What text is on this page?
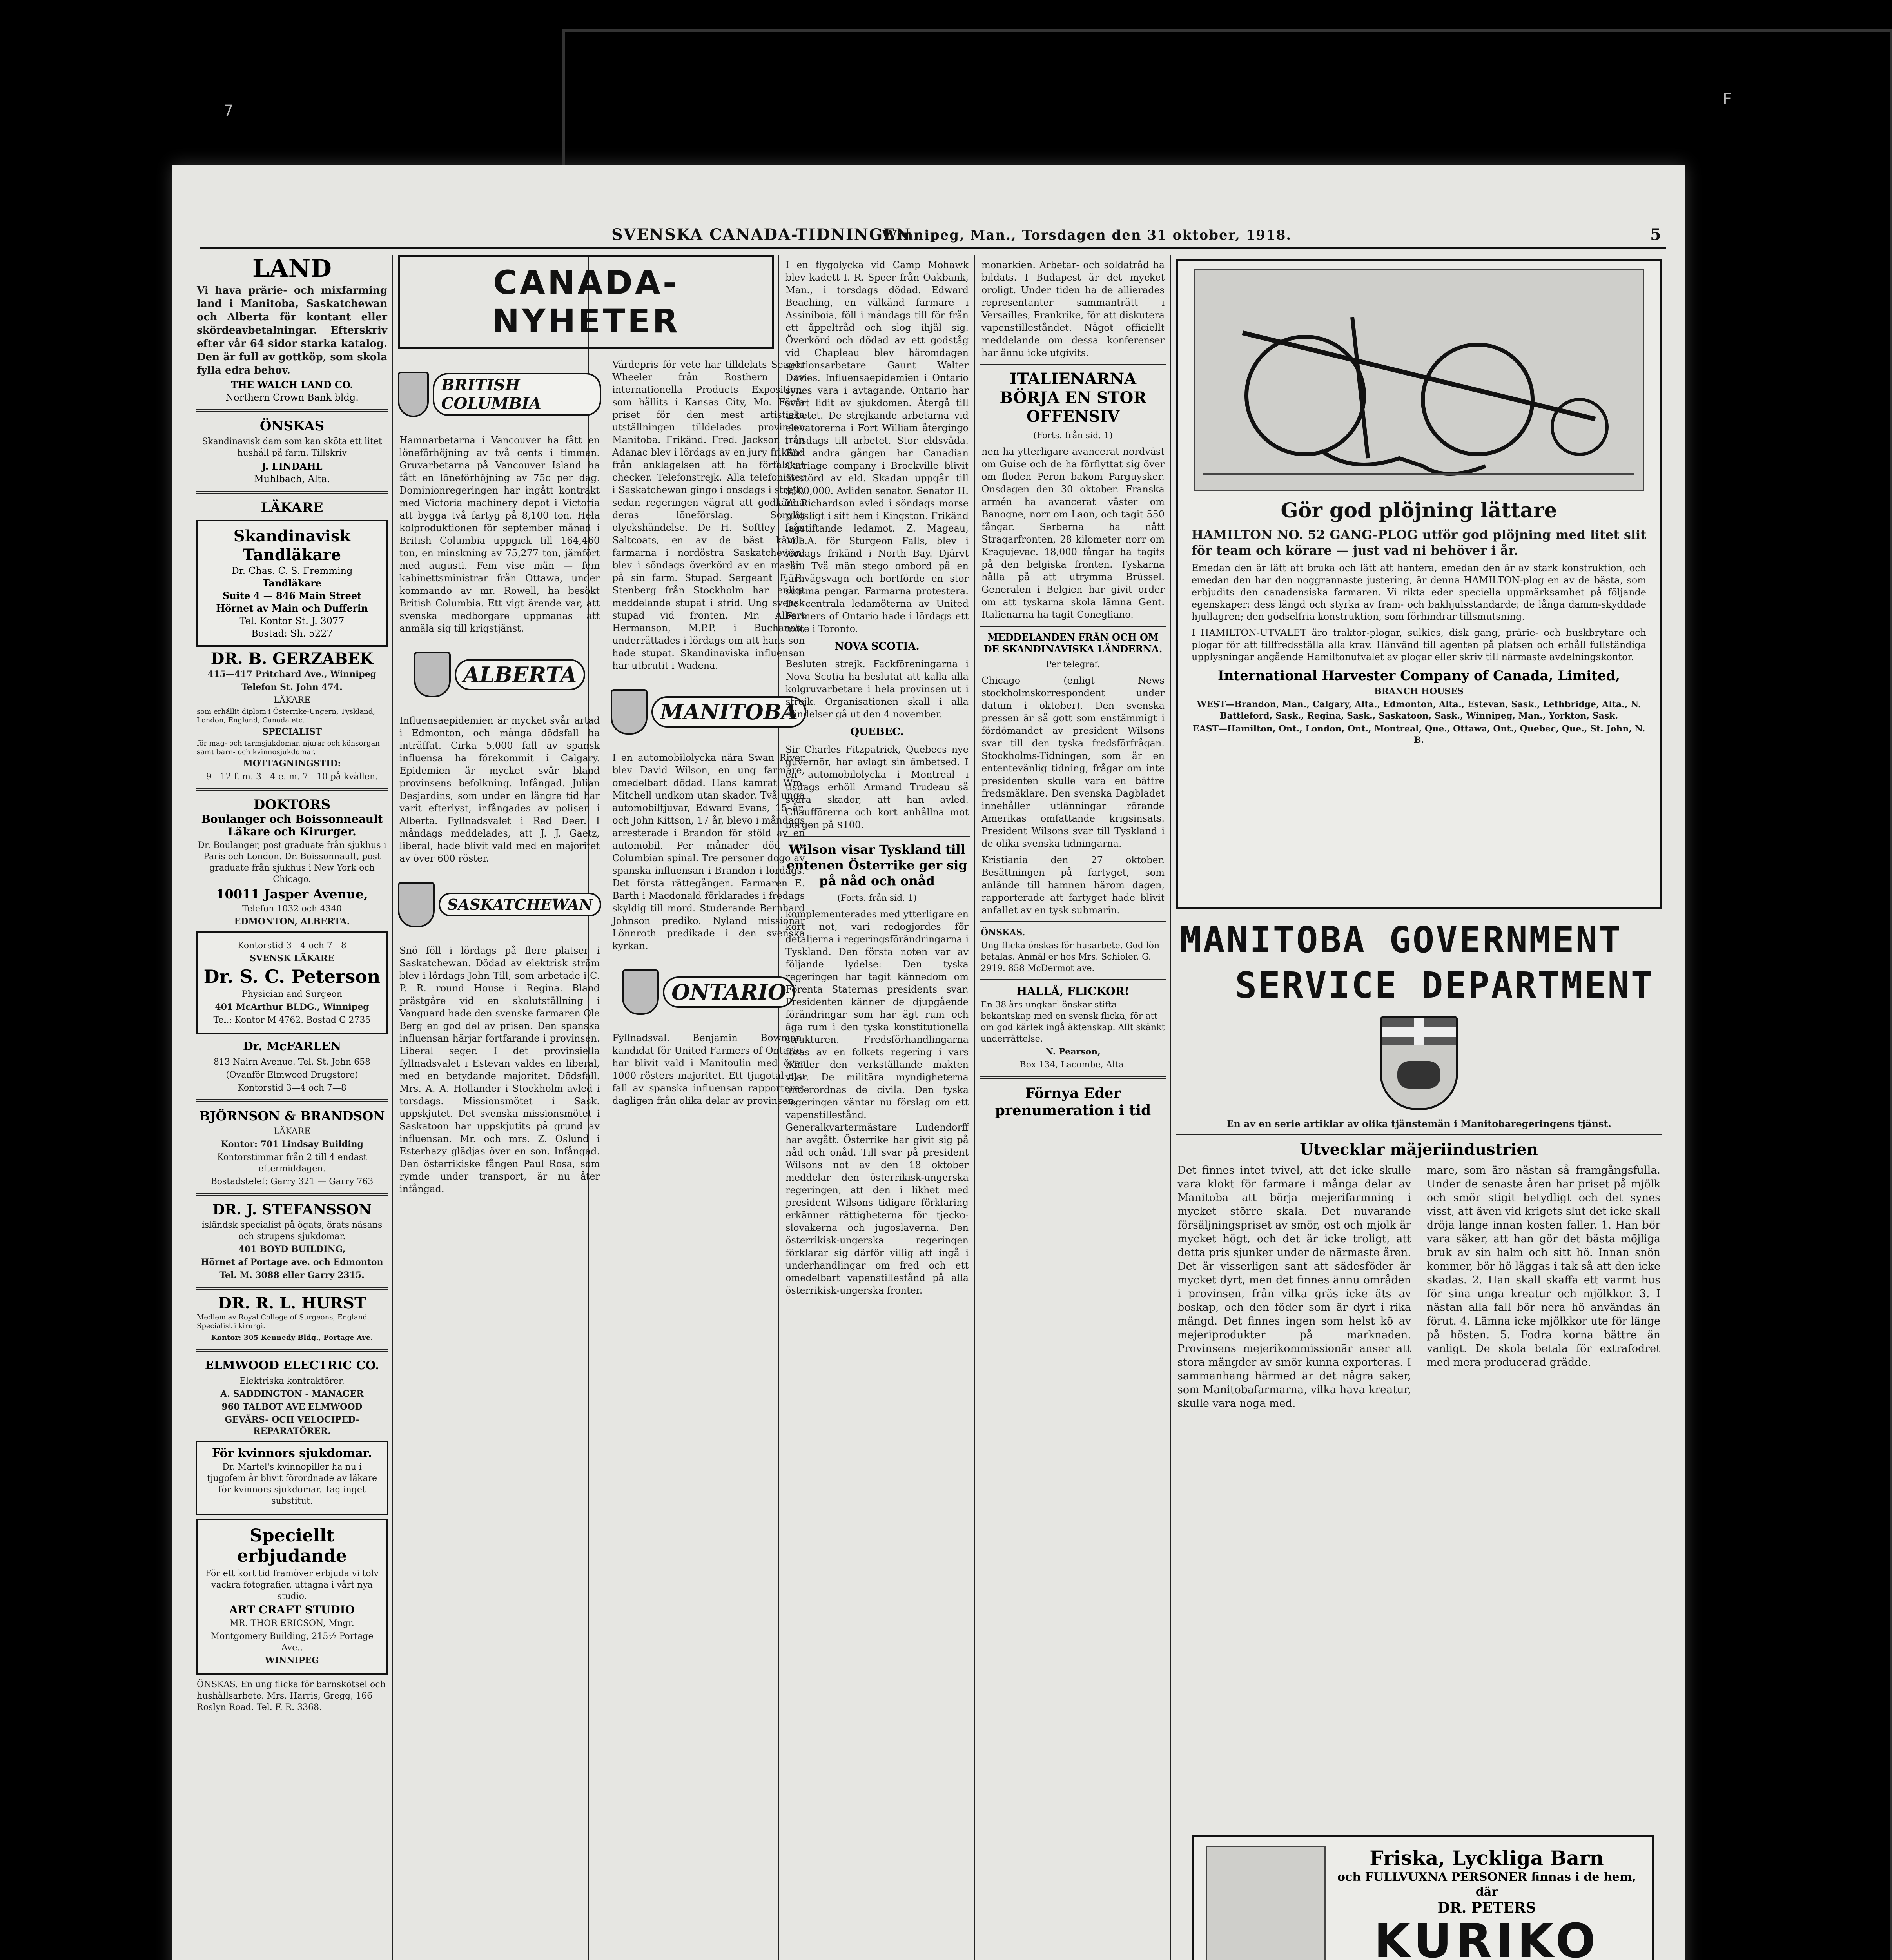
7
F
SVENSKA CANADA-TIDNINGEN
Winnipeg, Man., Torsdagen den 31 oktober, 1918.	5
LAND
Vi hava prärie- och mixfarming land i Manitoba, Saskatchewan och Alberta för kontant eller skördeavbetalningar. Efterskriv efter vår 64 sidor starka katalog. Den är full av gottköp, som skola fylla edra behov.
THE WALCH LAND CO.
Northern Crown Bank bldg.
ÖNSKAS
Skandinavisk dam som kan sköta ett litet husháll på farm. Tillskriv
J. LINDAHL
Muhlbach, Alta.
LÄKARE
Skandinavisk Tandläkare
Dr. Chas. C. S. Fremming
Tandläkare
Suite 4 — 846 Main Street
Hörnet av Main och Dufferin
Tel. Kontor St. J. 3077
Bostad: Sh. 5227
DR. B. GERZABEK
415—417 Pritchard Ave., Winnipeg
Telefon St. John 474.
LÄKARE
som erhållit diplom i Österrike-Ungern, Tyskland, London, England, Canada etc.
SPECIALIST
för mag- och tarmsjukdomar, njurar och könsorgan samt barn- och kvinnosjukdomar.
MOTTAGNINGSTID:
9—12 f. m. 3—4 e. m. 7—10 på kvällen.
DOKTORS
Boulanger och Boissonneault
Läkare och Kirurger.
Dr. Boulanger, post graduate från sjukhus i Paris och London. Dr. Boissonnault, post graduate från sjukhus i New York och Chicago.
10011 Jasper Avenue,
Telefon 1032 och 4340
EDMONTON, ALBERTA.
Kontorstid 3—4 och 7—8
SVENSK LÄKARE
Dr. S. C. Peterson
Physician and Surgeon
401 McArthur BLDG., Winnipeg
Tel.: Kontor M 4762. Bostad G 2735
Dr. McFARLEN
813 Nairn Avenue. Tel. St. John 658
(Ovanför Elmwood Drugstore)
Kontorstid 3—4 och 7—8
BJÖRNSON & BRANDSON
LÄKARE
Kontor: 701 Lindsay Building
Kontorstimmar från 2 till 4 endast eftermiddagen.
Bostadstelef: Garry 321 — Garry 763
DR. J. STEFANSSON
isländsk specialist på ögats, örats näsans och strupens sjukdomar.
401 BOYD BUILDING,
Hörnet af Portage ave. och Edmonton
Tel. M. 3088 eller Garry 2315.
DR. R. L. HURST
Medlem av Royal College of Surgeons, England. Specialist i kirurgi.
Kontor: 305 Kennedy Bldg., Portage Ave.
ELMWOOD ELECTRIC CO.
Elektriska kontraktörer.
A. SADDINGTON - MANAGER
960 TALBOT AVE ELMWOOD
GEVÄRS- OCH VELOCIPED-REPARATÖRER.
För kvinnors sjukdomar.
Dr. Martel's kvinnopiller ha nu i tjugofem år blivit förordnade av läkare för kvinnors sjukdomar. Tag inget substitut.
Speciellt erbjudande
För ett kort tid framöver erbjuda vi tolv vackra fotografier, uttagna i vårt nya studio.
ART CRAFT STUDIO
MR. THOR ERICSON, Mngr.
Montgomery Building, 215½ Portage Ave.,
WINNIPEG
ÖNSKAS. En ung flicka för barnskötsel och hushållsarbete. Mrs. Harris, Gregg, 166 Roslyn Road. Tel. F. R. 3368.
CANADA-NYHETER
BRITISH COLUMBIA
Hamnarbetarna i Vancouver ha fått en löneförhöjning av två cents i timmen. Gruvarbetarna på Vancouver Island ha fått en löneförhöjning av 75c per dag. Dominionregeringen har ingått kontrakt med Victoria machinery depot i Victoria att bygga två fartyg på 8,100 ton. Hela kolproduktionen för september månad i British Columbia uppgick till 164,460 ton, en minskning av 75,277 ton, jämfört med augusti. Fem vise män — fem kabinettsministrar från Ottawa, under kommando av mr. Rowell, ha besökt British Columbia. Ett vigt ärende var, att svenska medborgare uppmanas att anmäla sig till krigstjänst.
ALBERTA
Influensaepidemien är mycket svår artad i Edmonton, och många dödsfall ha inträffat. Cirka 5,000 fall av spansk influensa ha förekommit i Calgary. Epidemien är mycket svår bland provinsens befolkning. Infångad. Julian Desjardins, som under en längre tid har varit efterlyst, infångades av polisen i Alberta. Fyllnadsvalet i Red Deer. I måndags meddelades, att J. J. Gaetz, liberal, hade blivit vald med en majoritet av över 600 röster.
SASKATCHEWAN
Snö föll i lördags på flere platser i Saskatchewan. Dödad av elektrisk ström blev i lördags John Till, som arbetade i C. P. R. round House i Regina. Bland prästgåre vid en skolutställning i Vanguard hade den svenske farmaren Ole Berg en god del av prisen. Den spanska influensan härjar fortfarande i provinsen. Liberal seger. I det provinsiella fyllnadsvalet i Estevan valdes en liberal, med en betydande majoritet. Dödsfall. Mrs. A. A. Hollander i Stockholm avled i torsdags. Missionsmötet i Sask. uppskjutet. Det svenska missionsmötet i Saskatoon har uppskjutits på grund av influensan. Mr. och mrs. Z. Oslund i Esterhazy glädjas över en son. Infångad. Den österrikiske fången Paul Rosa, som rymde under transport, är nu åter infångad.
Värdepris för vete har tilldelats Seager Wheeler från Rosthern av internationella Products Exposition, som hållits i Kansas City, Mo. Förra priset för den mest artistiska utställningen tilldelades provinsen Manitoba. Frikänd. Fred. Jackson från Adanac blev i lördags av en jury frikänd från anklagelsen att ha förfalskat checker. Telefonstrejk. Alla telefonister i Saskatchewan gingo i onsdags i strejk, sedan regeringen vägrat att godkänna deras löneförslag. Sorglig olyckshändelse. De H. Softley från Saltcoats, en av de bäst kända farmarna i nordöstra Saskatchewan, blev i söndags överkörd av en maskin på sin farm. Stupad. Sergeant F. R. Stenberg från Stockholm har enligt meddelande stupat i strid. Ung svensk stupad vid fronten. Mr. Albert Hermanson, M.P.P. i Buchanan, underrättades i lördags om att hans son hade stupat. Skandinaviska influensan har utbrutit i Wadena.
MANITOBA
I en automobilolycka nära Swan River blev David Wilson, en ung farmare, omedelbart dödad. Hans kamrat Wm. Mitchell undkom utan skador. Två unga automobiltjuvar, Edward Evans, 15 år, och John Kittson, 17 år, blevo i måndags arresterade i Brandon för stöld av en automobil. Per månader död av Columbian spinal. Tre personer dogo av spanska influensan i Brandon i lördags. Det första rättegången. Farmaren E. Barth i Macdonald förklarades i fredags skyldig till mord. Studerande Bernhard Johnson prediko. Nyland missionär Lönnroth predikade i den svenska kyrkan.
ONTARIO
Fyllnadsval. Benjamin Bowman, kandidat för United Farmers of Ontario, har blivit vald i Manitoulin med över 1000 rösters majoritet. Ett tjugotal nya fall av spanska influensan rapporteras dagligen från olika delar av provinsen.
I en flygolycka vid Camp Mohawk blev kadett I. R. Speer från Oakbank, Man., i torsdags dödad. Edward Beaching, en välkänd farmare i Assiniboia, föll i måndags till för från ett åppeltråd och slog ihjäl sig. Överkörd och dödad av ett godståg vid Chapleau blev häromdagen sektionsarbetare Gaunt Walter Davies. Influensaepidemien i Ontario synes vara i avtagande. Ontario har svårt lidit av sjukdomen. Återgå till arbetet. De strejkande arbetarna vid elevatorerna i Fort William återgingo i tisdags till arbetet. Stor eldsvåda. För andra gången har Canadian Carriage company i Brockville blivit förstörd av eld. Skadan uppgår till $500,000. Avliden senator. Senator H. W. Richardson avled i söndags morse plötsligt i sitt hem i Kingston. Frikänd lagstiftande ledamot. Z. Mageau, M.L.A. för Sturgeon Falls, blev i lördags frikänd i North Bay. Djärvt rån. Två män stego ombord på en järnvägsvagn och bortförde en stor summa pengar. Farmarna protestera. De centrala ledamöterna av United Farmers of Ontario hade i lördags ett möte i Toronto.
NOVA SCOTIA.
Besluten strejk. Fackföreningarna i Nova Scotia ha beslutat att kalla alla kolgruvarbetare i hela provinsen ut i strejk. Organisationen skall i alla händelser gå ut den 4 november.
QUEBEC.
Sir Charles Fitzpatrick, Quebecs nye guvernör, har avlagt sin ämbetsed. I en automobilolycka i Montreal i tisdags erhöll Armand Trudeau så svåra skador, att han avled. Chaufförerna och kort anhållna mot borgen på $100.
Wilson visar Tyskland till entenen Österrike ger sig på nåd och onåd
(Forts. från sid. 1)
komplementerades med ytterligare en kort not, vari redogjordes för detaljerna i regeringsförändringarna i Tyskland. Den första noten var av följande lydelse: Den tyska regeringen har tagit kännedom om Förenta Staternas presidents svar. Presidenten känner de djupgående förändringar som har ägt rum och äga rum i den tyska konstitutionella strukturen. Fredsförhandlingarna föras av en folkets regering i vars händer den verkställande makten vilar. De militära myndigheterna underordnas de civila. Den tyska regeringen väntar nu förslag om ett vapenstillestånd. Generalkvartermästare Ludendorff har avgått. Österrike har givit sig på nåd och onåd. Till svar på president Wilsons not av den 18 oktober meddelar den österrikisk-ungerska regeringen, att den i likhet med president Wilsons tidigare förklaring erkänner rättigheterna för tjecko-slovakerna och jugoslaverna. Den österrikisk-ungerska regeringen förklarar sig därför villig att ingå i underhandlingar om fred och ett omedelbart vapenstillestånd på alla österrikisk-ungerska fronter.
monarkien. Arbetar- och soldatråd ha bildats. I Budapest är det mycket oroligt. Under tiden ha de allierades representanter sammanträtt i Versailles, Frankrike, för att diskutera vapenstilleståndet. Något officiellt meddelande om dessa konferenser har ännu icke utgivits.
ITALIENARNA BÖRJA EN STOR OFFENSIV
(Forts. från sid. 1)
nen ha ytterligare avancerat nordväst om Guise och de ha förflyttat sig över om floden Peron bakom Parguysker. Onsdagen den 30 oktober. Franska armén ha avancerat väster om Banogne, norr om Laon, och tagit 550 fångar. Serberna ha nått Stragarfronten, 28 kilometer norr om Kragujevac. 18,000 fångar ha tagits på den belgiska fronten. Tyskarna hålla på att utrymma Brüssel. Generalen i Belgien har givit order om att tyskarna skola lämna Gent. Italienarna ha tagit Conegliano.
MEDDELANDEN FRÅN OCH OM DE SKANDINAVISKA LÄNDERNA.
Per telegraf.
Chicago (enligt News stockholmskorrespondent under datum i oktober). Den svenska pressen är så gott som enstämmigt i fördömandet av president Wilsons svar till den tyska fredsförfrågan. Stockholms-Tidningen, som är en ententevänlig tidning, frågar om inte presidenten skulle vara en bättre fredsmäklare. Den svenska Dagbladet innehåller utlänningar rörande Amerikas omfattande krigsinsats. President Wilsons svar till Tyskland i de olika svenska tidningarna.
Kristiania den 27 oktober. Besättningen på fartyget, som anlände till hamnen härom dagen, rapporterade att fartyget hade blivit anfallet av en tysk submarin.
ÖNSKAS.
Ung flicka önskas för husarbete. God lön betalas. Anmäl er hos Mrs. Schioler, G. 2919. 858 McDermot ave.
HALLÅ, FLICKOR!
En 38 års ungkarl önskar stifta bekantskap med en svensk flicka, för att om god kärlek ingå äktenskap. Allt skänkt underrättelse.
N. Pearson,
Box 134, Lacombe, Alta.
Förnya Eder prenumeration i tid
Gör god plöjning lättare
HAMILTON NO. 52 GANG-PLOG utför god plöjning med litet slit för team och körare — just vad ni behöver i år.
Emedan den är lätt att bruka och lätt att hantera, emedan den är av stark konstruktion, och emedan den har den noggrannaste justering, är denna HAMILTON-plog en av de bästa, som erbjudits den canadensiska farmaren. Vi rikta eder speciella uppmärksamhet på följande egenskaper: dess längd och styrka av fram- och bakhjulsstandarde; de långa damm-skyddade hjullagren; den gödselfria konstruktion, som förhindrar tillsmutsning.
I HAMILTON-UTVALET äro traktor-plogar, sulkies, disk gang, prärie- och buskbrytare och plogar för att tillfredsställa alla krav. Hänvänd till agenten på platsen och erhåll fullständiga upplysningar angående Hamiltonutvalet av plogar eller skriv till närmaste avdelningskontor.
International Harvester Company of Canada, Limited,
BRANCH HOUSES
WEST—Brandon, Man., Calgary, Alta., Edmonton, Alta., Estevan, Sask., Lethbridge, Alta., N. Battleford, Sask., Regina, Sask., Saskatoon, Sask., Winnipeg, Man., Yorkton, Sask.
EAST—Hamilton, Ont., London, Ont., Montreal, Que., Ottawa, Ont., Quebec, Que., St. John, N. B.
MANITOBA GOVERNMENT
SERVICE DEPARTMENT
En av en serie artiklar av olika tjänstemän i Manitobaregeringens tjänst.
Utvecklar mäjeriindustrien
Det finnes intet tvivel, att det icke skulle vara klokt för farmare i många delar av Manitoba att börja mejerifarmning i mycket större skala. Det nuvarande försäljningspriset av smör, ost och mjölk är mycket högt, och det är icke troligt, att detta pris sjunker under de närmaste åren. Det är visserligen sant att sädesföder är mycket dyrt, men det finnes ännu områden i provinsen, från vilka gräs icke äts av boskap, och den föder som är dyrt i rika mängd. Det finnes ingen som helst kö av mejeriprodukter på marknaden. Provinsens mejerikommissionär anser att stora mängder av smör kunna exporteras. I sammanhang härmed är det några saker, som Manitobafarmarna, vilka hava kreatur, skulle vara noga med.
mare, som äro nästan så framgångsfulla. Under de senaste åren har priset på mjölk och smör stigit betydligt och det synes visst, att även vid krigets slut det icke skall dröja länge innan kosten faller. 1. Han bör vara säker, att han gör det bästa möjliga bruk av sin halm och sitt hö. Innan snön kommer, bör hö läggas i tak så att den icke skadas. 2. Han skall skaffa ett varmt hus för sina unga kreatur och mjölkkor. 3. I nästan alla fall bör nera hö användas än förut. 4. Lämna icke mjölkkor ute för länge på hösten. 5. Fodra korna bättre än vanligt. De skola betala för extrafodret med mera producerad grädde.
Friska, Lyckliga Barn
och FULLVUXNA PERSONER finnas i de hem, där
DR. PETERS
KURIKO
